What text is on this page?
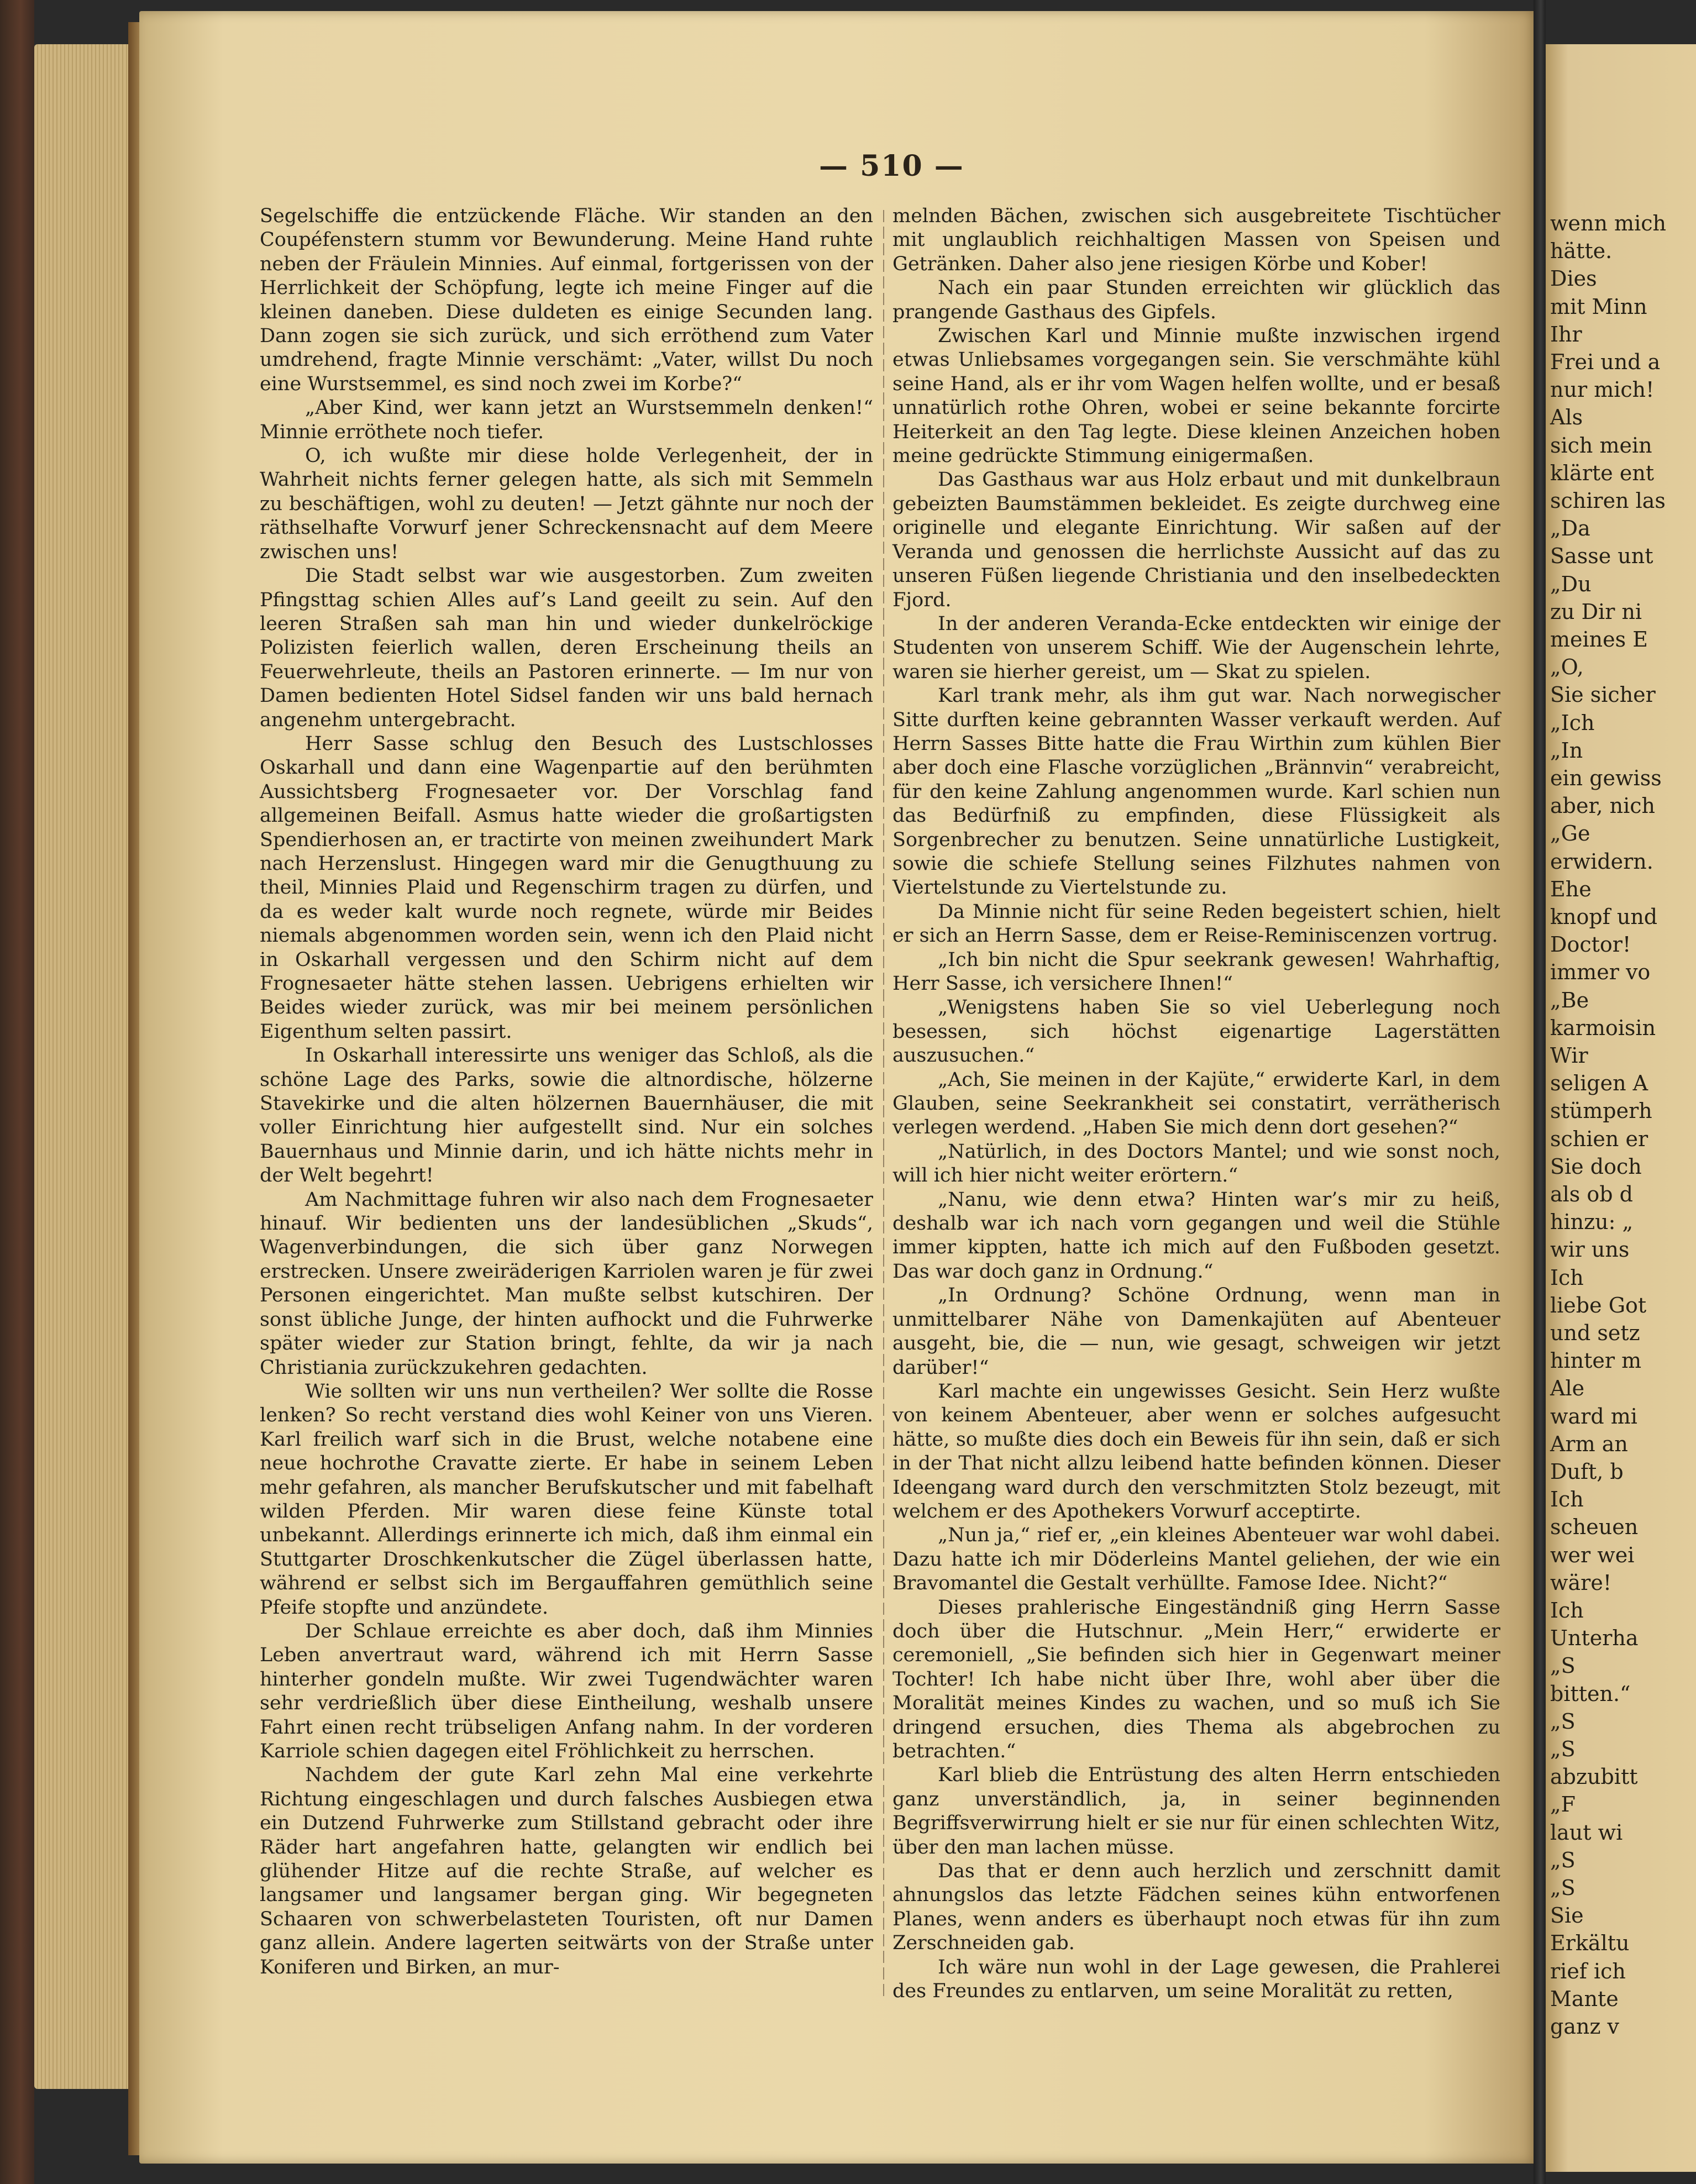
— 510 —

Segelschiffe die entzückende Fläche. Wir standen an den Coupéfenstern stumm vor Bewunderung. Meine Hand ruhte neben der Fräulein Minnies. Auf einmal, fortgerissen von der Herrlichkeit der Schöpfung, legte ich meine Finger auf die kleinen daneben. Diese duldeten es einige Secunden lang. Dann zogen sie sich zurück, und sich erröthend zum Vater umdrehend, fragte Minnie verschämt: „Vater, willst Du noch eine Wurstsemmel, es sind noch zwei im Korbe?“

„Aber Kind, wer kann jetzt an Wurstsemmeln denken!“ Minnie erröthete noch tiefer.

O, ich wußte mir diese holde Verlegenheit, der in Wahrheit nichts ferner gelegen hatte, als sich mit Semmeln zu beschäftigen, wohl zu deuten! — Jetzt gähnte nur noch der räthselhafte Vorwurf jener Schreckensnacht auf dem Meere zwischen uns!

Die Stadt selbst war wie ausgestorben. Zum zweiten Pfingsttag schien Alles auf’s Land geeilt zu sein. Auf den leeren Straßen sah man hin und wieder dunkelröckige Polizisten feierlich wallen, deren Erscheinung theils an Feuerwehrleute, theils an Pastoren erinnerte. — Im nur von Damen bedienten Hotel Sidsel fanden wir uns bald hernach angenehm untergebracht.

Herr Sasse schlug den Besuch des Lustschlosses Oskarhall und dann eine Wagenpartie auf den berühmten Aussichtsberg Frognesaeter vor. Der Vorschlag fand allgemeinen Beifall. Asmus hatte wieder die großartigsten Spendierhosen an, er tractirte von meinen zweihundert Mark nach Herzenslust. Hingegen ward mir die Genugthuung zu theil, Minnies Plaid und Regenschirm tragen zu dürfen, und da es weder kalt wurde noch regnete, würde mir Beides niemals abgenommen worden sein, wenn ich den Plaid nicht in Oskarhall vergessen und den Schirm nicht auf dem Frognesaeter hätte stehen lassen. Uebrigens erhielten wir Beides wieder zurück, was mir bei meinem persönlichen Eigenthum selten passirt.

In Oskarhall interessirte uns weniger das Schloß, als die schöne Lage des Parks, sowie die altnordische, hölzerne Stavekirke und die alten hölzernen Bauernhäuser, die mit voller Einrichtung hier aufgestellt sind. Nur ein solches Bauernhaus und Minnie darin, und ich hätte nichts mehr in der Welt begehrt!

Am Nachmittage fuhren wir also nach dem Frognesaeter hinauf. Wir bedienten uns der landesüblichen „Skuds“, Wagenverbindungen, die sich über ganz Norwegen erstrecken. Unsere zweiräderigen Karriolen waren je für zwei Personen eingerichtet. Man mußte selbst kutschiren. Der sonst übliche Junge, der hinten aufhockt und die Fuhrwerke später wieder zur Station bringt, fehlte, da wir ja nach Christiania zurückzukehren gedachten.

Wie sollten wir uns nun vertheilen? Wer sollte die Rosse lenken? So recht verstand dies wohl Keiner von uns Vieren. Karl freilich warf sich in die Brust, welche notabene eine neue hochrothe Cravatte zierte. Er habe in seinem Leben mehr gefahren, als mancher Berufskutscher und mit fabelhaft wilden Pferden. Mir waren diese feine Künste total unbekannt. Allerdings erinnerte ich mich, daß ihm einmal ein Stuttgarter Droschkenkutscher die Zügel überlassen hatte, während er selbst sich im Bergauffahren gemüthlich seine Pfeife stopfte und anzündete.

Der Schlaue erreichte es aber doch, daß ihm Minnies Leben anvertraut ward, während ich mit Herrn Sasse hinterher gondeln mußte. Wir zwei Tugendwächter waren sehr verdrießlich über diese Eintheilung, weshalb unsere Fahrt einen recht trübseligen Anfang nahm. In der vorderen Karriole schien dagegen eitel Fröhlichkeit zu herrschen.

Nachdem der gute Karl zehn Mal eine verkehrte Richtung eingeschlagen und durch falsches Ausbiegen etwa ein Dutzend Fuhrwerke zum Stillstand gebracht oder ihre Räder hart angefahren hatte, gelangten wir endlich bei glühender Hitze auf die rechte Straße, auf welcher es langsamer und langsamer bergan ging. Wir begegneten Schaaren von schwerbelasteten Touristen, oft nur Damen ganz allein. Andere lagerten seitwärts von der Straße unter Koniferen und Birken, an mur-

melnden Bächen, zwischen sich ausgebreitete Tischtücher mit unglaublich reichhaltigen Massen von Speisen und Getränken. Daher also jene riesigen Körbe und Kober!

Nach ein paar Stunden erreichten wir glücklich das prangende Gasthaus des Gipfels.

Zwischen Karl und Minnie mußte inzwischen irgend etwas Unliebsames vorgegangen sein. Sie verschmähte kühl seine Hand, als er ihr vom Wagen helfen wollte, und er besaß unnatürlich rothe Ohren, wobei er seine bekannte forcirte Heiterkeit an den Tag legte. Diese kleinen Anzeichen hoben meine gedrückte Stimmung einigermaßen.

Das Gasthaus war aus Holz erbaut und mit dunkelbraun gebeizten Baumstämmen bekleidet. Es zeigte durchweg eine originelle und elegante Einrichtung. Wir saßen auf der Veranda und genossen die herrlichste Aussicht auf das zu unseren Füßen liegende Christiania und den inselbedeckten Fjord.

In der anderen Veranda-Ecke entdeckten wir einige der Studenten von unserem Schiff. Wie der Augenschein lehrte, waren sie hierher gereist, um — Skat zu spielen.

Karl trank mehr, als ihm gut war. Nach norwegischer Sitte durften keine gebrannten Wasser verkauft werden. Auf Herrn Sasses Bitte hatte die Frau Wirthin zum kühlen Bier aber doch eine Flasche vorzüglichen „Brännvin“ verabreicht, für den keine Zahlung angenommen wurde. Karl schien nun das Bedürfniß zu empfinden, diese Flüssigkeit als Sorgenbrecher zu benutzen. Seine unnatürliche Lustigkeit, sowie die schiefe Stellung seines Filzhutes nahmen von Viertelstunde zu Viertelstunde zu.

Da Minnie nicht für seine Reden begeistert schien, hielt er sich an Herrn Sasse, dem er Reise-Reminiscenzen vortrug.

„Ich bin nicht die Spur seekrank gewesen! Wahrhaftig, Herr Sasse, ich versichere Ihnen!“

„Wenigstens haben Sie so viel Ueberlegung noch besessen, sich höchst eigenartige Lagerstätten auszusuchen.“

„Ach, Sie meinen in der Kajüte,“ erwiderte Karl, in dem Glauben, seine Seekrankheit sei constatirt, verrätherisch verlegen werdend. „Haben Sie mich denn dort gesehen?“

„Natürlich, in des Doctors Mantel; und wie sonst noch, will ich hier nicht weiter erörtern.“

„Nanu, wie denn etwa? Hinten war’s mir zu heiß, deshalb war ich nach vorn gegangen und weil die Stühle immer kippten, hatte ich mich auf den Fußboden gesetzt. Das war doch ganz in Ordnung.“

„In Ordnung? Schöne Ordnung, wenn man in unmittelbarer Nähe von Damenkajüten auf Abenteuer ausgeht, bie, die — nun, wie gesagt, schweigen wir jetzt darüber!“

Karl machte ein ungewisses Gesicht. Sein Herz wußte von keinem Abenteuer, aber wenn er solches aufgesucht hätte, so mußte dies doch ein Beweis für ihn sein, daß er sich in der That nicht allzu leibend hatte befinden können. Dieser Ideengang ward durch den verschmitzten Stolz bezeugt, mit welchem er des Apothekers Vorwurf acceptirte.

„Nun ja,“ rief er, „ein kleines Abenteuer war wohl dabei. Dazu hatte ich mir Döderleins Mantel geliehen, der wie ein Bravomantel die Gestalt verhüllte. Famose Idee. Nicht?“

Dieses prahlerische Eingeständniß ging Herrn Sasse doch über die Hutschnur. „Mein Herr,“ erwiderte er ceremoniell, „Sie befinden sich hier in Gegenwart meiner Tochter! Ich habe nicht über Ihre, wohl aber über die Moralität meines Kindes zu wachen, und so muß ich Sie dringend ersuchen, dies Thema als abgebrochen zu betrachten.“

Karl blieb die Entrüstung des alten Herrn entschieden ganz unverständlich, ja, in seiner beginnenden Begriffsverwirrung hielt er sie nur für einen schlechten Witz, über den man lachen müsse.

Das that er denn auch herzlich und zerschnitt damit ahnungslos das letzte Fädchen seines kühn entworfenen Planes, wenn anders es überhaupt noch etwas für ihn zum Zerschneiden gab.

Ich wäre nun wohl in der Lage gewesen, die Prahlerei des Freundes zu entlarven, um seine Moralität zu retten,

wenn mich
hätte.
Dies
mit Minn
Ihr
Frei und a
nur mich!
Als
sich mein
klärte ent
schiren las
„Da
Sasse unt
„Du
zu Dir ni
meines E
„O,
Sie sicher
„Ich
„In
ein gewiss
aber, nich
„Ge
erwidern.
Ehe
knopf und
Doctor!
immer vo
„Be
karmoisin
Wir
seligen A
stümperh
schien er
Sie doch
als ob d
hinzu: „
wir uns
Ich
liebe Got
und setz
hinter m
Ale
ward mi
Arm an
Duft, b
Ich
scheuen
wer wei
wäre!
Ich
Unterha
„S
bitten.“
„S
„S
abzubitt
„F
laut wi
„S
„S
Sie
Erkältu
rief ich
Mante
ganz v
